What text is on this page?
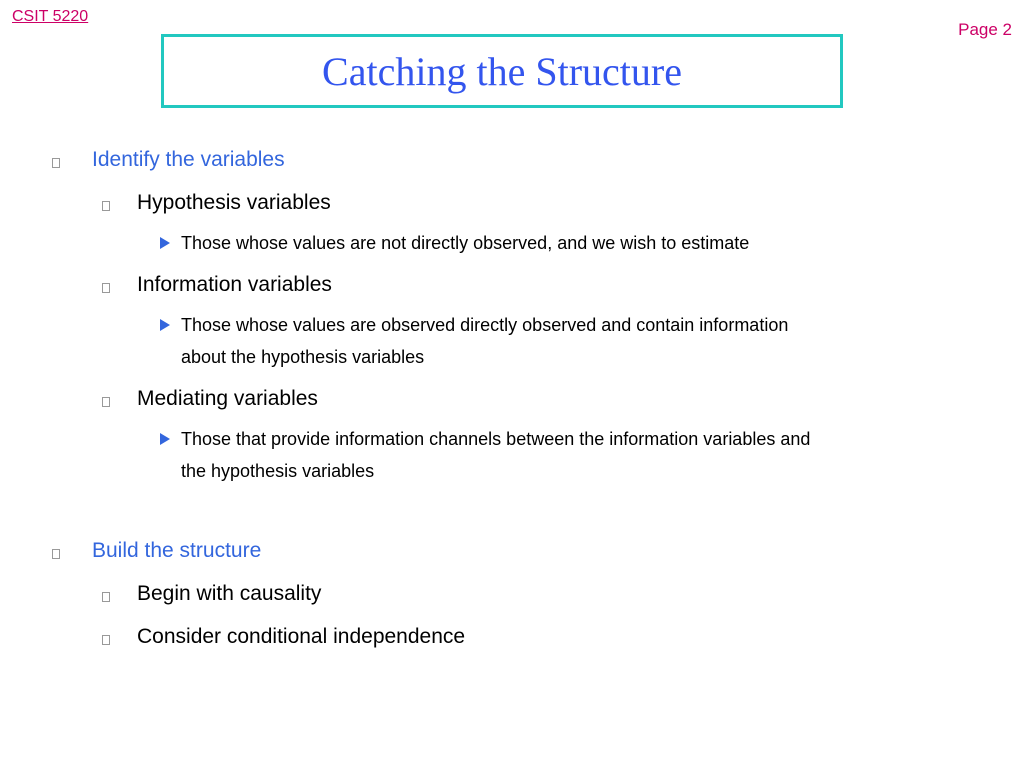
CSIT 5220
Page 2
Catching the Structure
Identify the variables
Hypothesis variables
Those whose values are not directly observed, and we wish to estimate
Information variables
Those whose values are observed directly observed and contain information
about the hypothesis variables
Mediating variables
Those that provide information channels between the information variables and
the hypothesis variables
Build the structure
Begin with causality
Consider conditional independence
